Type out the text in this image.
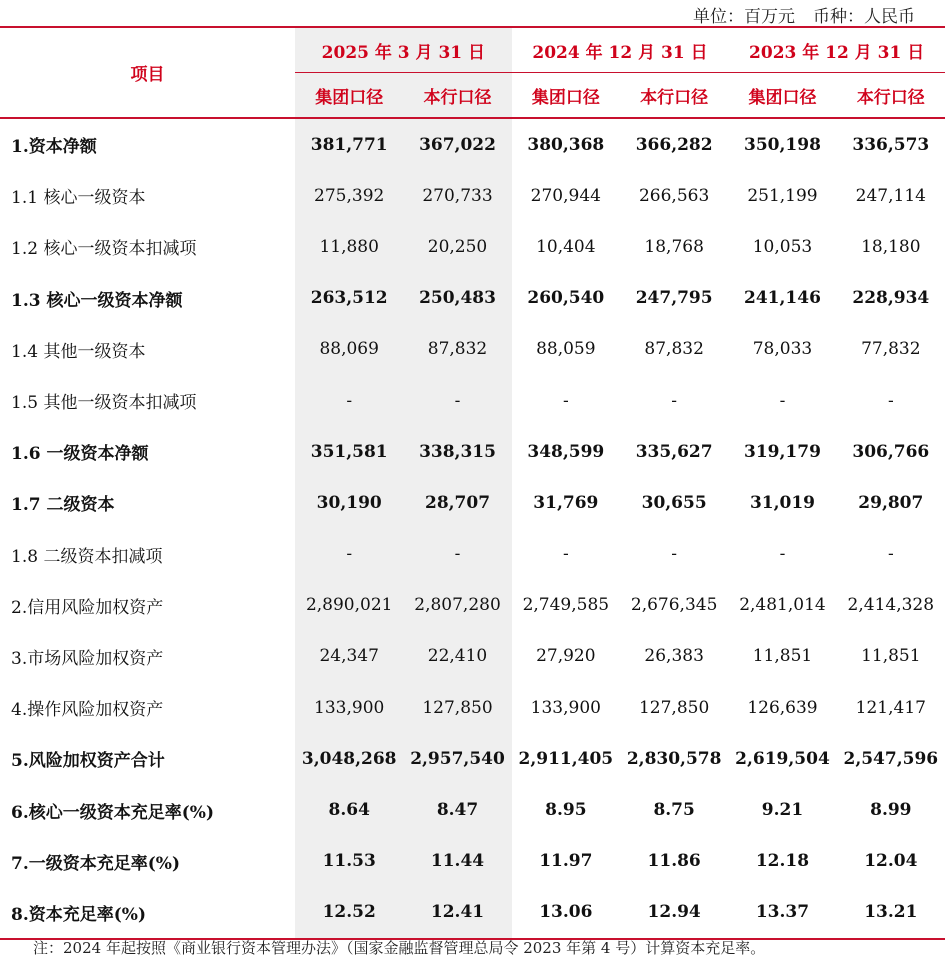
单位：百万元 币种：人民币
项目	2025 年 3 月 31 日		2024 年 12 月 31 日		2023 年 12 月 31 日	
	集团口径	本行口径	集团口径	本行口径	集团口径	本行口径
1.资本净额	381,771	367,022	380,368	366,282	350,198	336,573
1.1 核心一级资本	275,392	270,733	270,944	266,563	251,199	247,114
1.2 核心一级资本扣减项	11,880	20,250	10,404	18,768	10,053	18,180
1.3 核心一级资本净额	263,512	250,483	260,540	247,795	241,146	228,934
1.4 其他一级资本	88,069	87,832	88,059	87,832	78,033	77,832
1.5 其他一级资本扣减项	-	-	-	-	-	-
1.6 一级资本净额	351,581	338,315	348,599	335,627	319,179	306,766
1.7 二级资本	30,190	28,707	31,769	30,655	31,019	29,807
1.8 二级资本扣减项	-	-	-	-	-	-
2.信用风险加权资产	2,890,021	2,807,280	2,749,585	2,676,345	2,481,014	2,414,328
3.市场风险加权资产	24,347	22,410	27,920	26,383	11,851	11,851
4.操作风险加权资产	133,900	127,850	133,900	127,850	126,639	121,417
5.风险加权资产合计	3,048,268	2,957,540	2,911,405	2,830,578	2,619,504	2,547,596
6.核心一级资本充足率(%)	8.64	8.47	8.95	8.75	9.21	8.99
7.一级资本充足率(%)	11.53	11.44	11.97	11.86	12.18	12.04
8.资本充足率(%)	12.52	12.41	13.06	12.94	13.37	13.21
注：2024 年起按照《商业银行资本管理办法》（国家金融监督管理总局令 2023 年第 4 号）计算资本充足率。
